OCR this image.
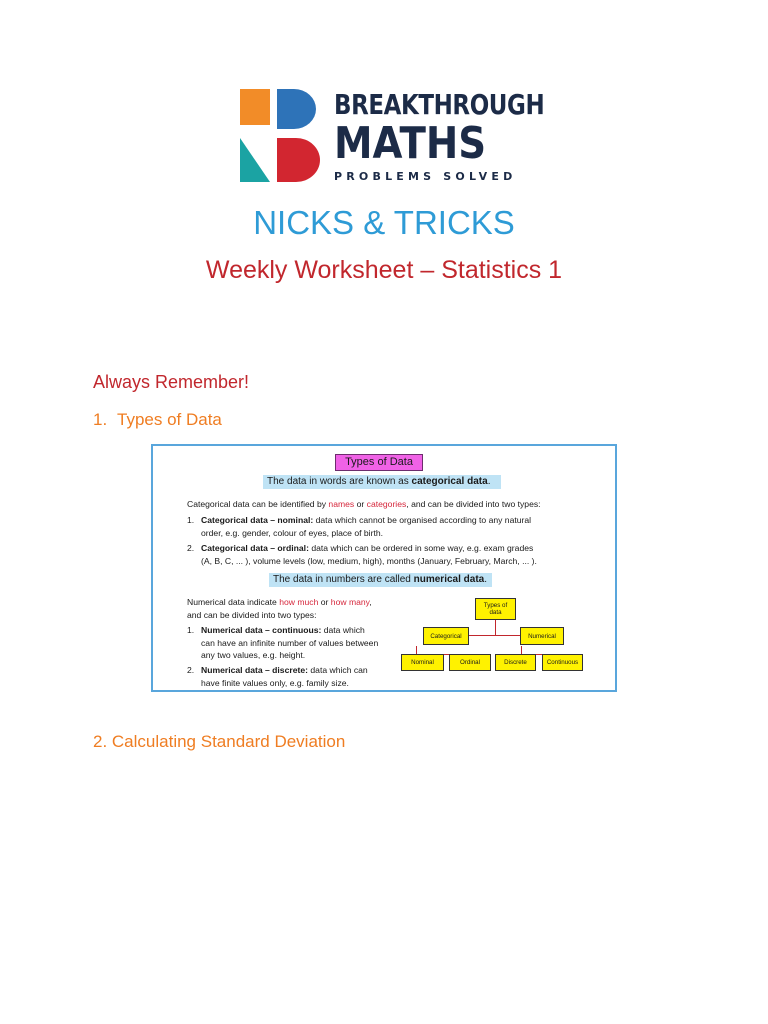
BREAKTHROUGH
MATHS
PROBLEMS SOLVED
NICKS & TRICKS
Weekly Worksheet – Statistics 1
Always Remember!
1. Types of Data
Types of Data
The data in words are known as categorical data.
Categorical data can be identified by names or categories, and can be divided into two types:
1. Categorical data – nominal: data which cannot be organised according to any natural
order, e.g. gender, colour of eyes, place of birth.
2. Categorical data – ordinal: data which can be ordered in some way, e.g. exam grades
(A, B, C, ... ), volume levels (low, medium, high), months (January, February, March, ... ).
The data in numbers are called numerical data.
Numerical data indicate how much or how many,
and can be divided into two types:
1. Numerical data – continuous: data which
can have an infinite number of values between
any two values, e.g. height.
2. Numerical data – discrete: data which can
have finite values only, e.g. family size.
Types of
data
Categorical	Numerical
Nominal	Ordinal	Discrete	Continuous
2. Calculating Standard Deviation
